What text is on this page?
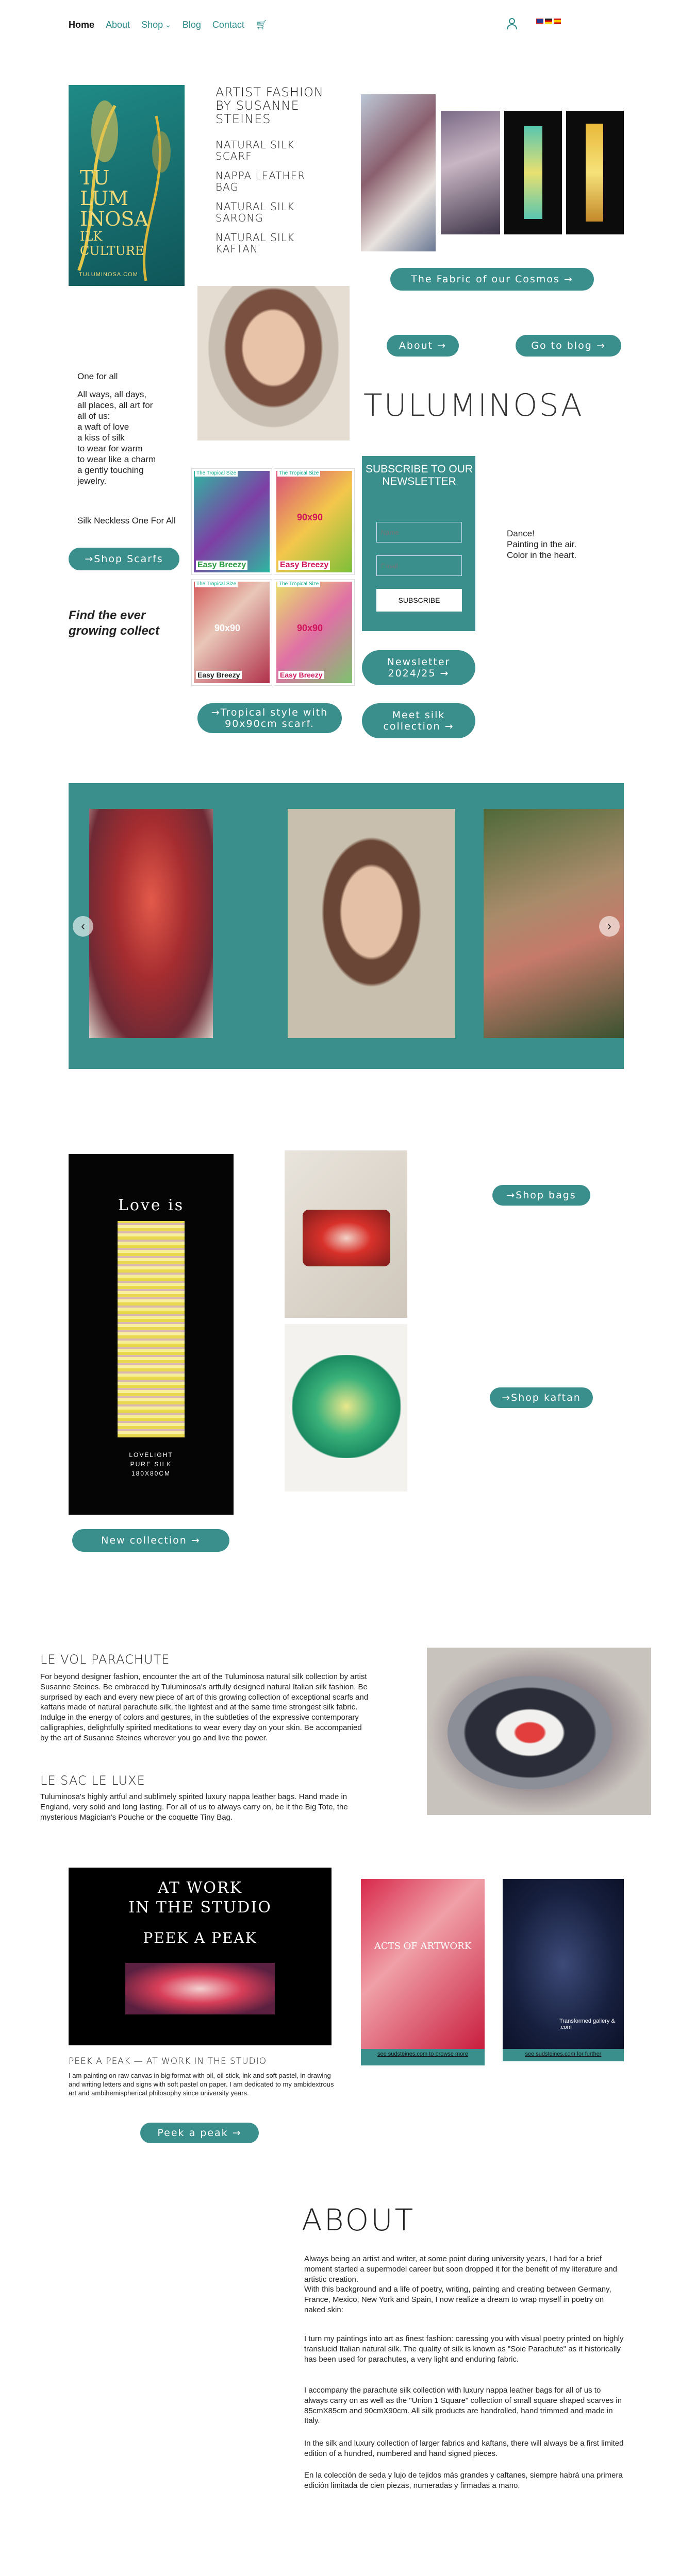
Home About Shop ⌄ Blog Contact 🛒︎
TU
LUM
INOSA
ILK
CULTURE
TULUMINOSA.COM
ARTIST FASHION BY SUSANNE STEINES
NATURAL SILK SCARF
NAPPA LEATHER BAG
NATURAL SILK SARONG
NATURAL SILK KAFTAN
The Fabric of our Cosmos →
About →	Go to blog →
TULUMINOSA
One for all
All ways, all days,
all places, all art for
all of us:
a waft of love
a kiss of silk
to wear for warm
to wear like a charm
a gently touching
jewelry.
Silk Neckless One For All
→Shop Scarfs
Find the ever growing collect
The Tropical Size	The Tropical Size
90x90
The Tropical Size
90x90
The Tropical Size
90x90
Easy Breezy	Easy Breezy
Easy Breezy	Easy Breezy
SUBSCRIBE TO OUR NEWSLETTER
Name
Email
SUBSCRIBE
Dance!
Painting in the air.
Color in the heart.
Newsletter 2024/25 →
→Tropical style with 90x90cm scarf.
Meet silk collection →
‹	›
Love is
LOVELIGHT
PURE SILK
180X80CM
→Shop bags
→Shop kaftan
New collection →
LE VOL PARACHUTE
For beyond designer fashion, encounter the art of the Tuluminosa natural silk collection by artist Susanne Steines. Be embraced by Tuluminosa's artfully designed natural Italian silk fashion. Be surprised by each and every new piece of art of this growing collection of exceptional scarfs and kaftans made of natural parachute silk, the lightest and at the same time strongest silk fabric. Indulge in the energy of colors and gestures, in the subtleties of the expressive contemporary calligraphies, delightfully spirited meditations to wear every day on your skin. Be accompanied by the art of Susanne Steines wherever you go and live the power.
LE SAC LE LUXE
Tuluminosa's highly artful and sublimely spirited luxury nappa leather bags. Hand made in England, very solid and long lasting. For all of us to always carry on, be it the Big Tote, the mysterious Magician's Pouche or the coquette Tiny Bag.
AT WORK
IN THE STUDIO
PEEK A PEAK
PEEK A PEAK — AT WORK IN THE STUDIO
I am painting on raw canvas in big format with oil, oil stick, ink and soft pastel, in drawing and writing letters and signs with soft pastel on paper. I am dedicated to my ambidextrous art and ambihemispherical philosophy since university years.
Peek a peak →
ACTS OF ARTWORK
see sudsteines.com to browse more
Transformed gallery & .com
see sudsteines.com for further
ABOUT
Always being an artist and writer, at some point during university years, I had for a brief moment started a supermodel career but soon dropped it for the benefit of my literature and artistic creation.
With this background and a life of poetry, writing, painting and creating between Germany, France, Mexico, New York and Spain, I now realize a dream to wrap myself in poetry on naked skin:
I turn my paintings into art as finest fashion: caressing you with visual poetry printed on highly translucid Italian natural silk. The quality of silk is known as "Soie Parachute" as it historically has been used for parachutes, a very light and enduring fabric.
I accompany the parachute silk collection with luxury nappa leather bags for all of us to always carry on as well as the "Union 1 Square" collection of small square shaped scarves in 85cmX85cm and 90cmX90cm. All silk products are handrolled, hand trimmed and made in Italy.
In the silk and luxury collection of larger fabrics and kaftans, there will always be a first limited edition of a hundred, numbered and hand signed pieces.
En la colección de seda y lujo de tejidos más grandes y caftanes, siempre habrá una primera edición limitada de cien piezas, numeradas y firmadas a mano.
